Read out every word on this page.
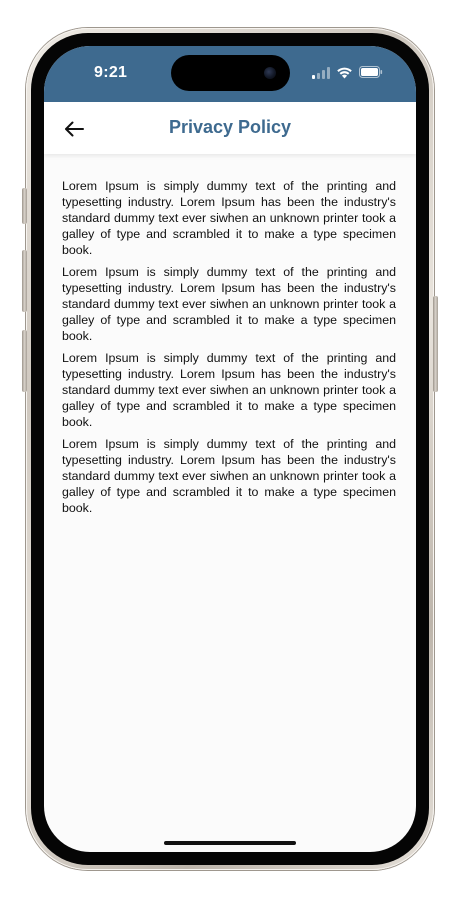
9:21
Privacy Policy

Lorem Ipsum is simply dummy text of the printing and typesetting industry. Lorem Ipsum has been the industry's standard dummy text ever siwhen an unknown printer took a galley of type and scrambled it to make a type specimen book.

Lorem Ipsum is simply dummy text of the printing and typesetting industry. Lorem Ipsum has been the industry's standard dummy text ever siwhen an unknown printer took a galley of type and scrambled it to make a type specimen book.

Lorem Ipsum is simply dummy text of the printing and typesetting industry. Lorem Ipsum has been the industry's standard dummy text ever siwhen an unknown printer took a galley of type and scrambled it to make a type specimen book.

Lorem Ipsum is simply dummy text of the printing and typesetting industry. Lorem Ipsum has been the industry's standard dummy text ever siwhen an unknown printer took a galley of type and scrambled it to make a type specimen book.
